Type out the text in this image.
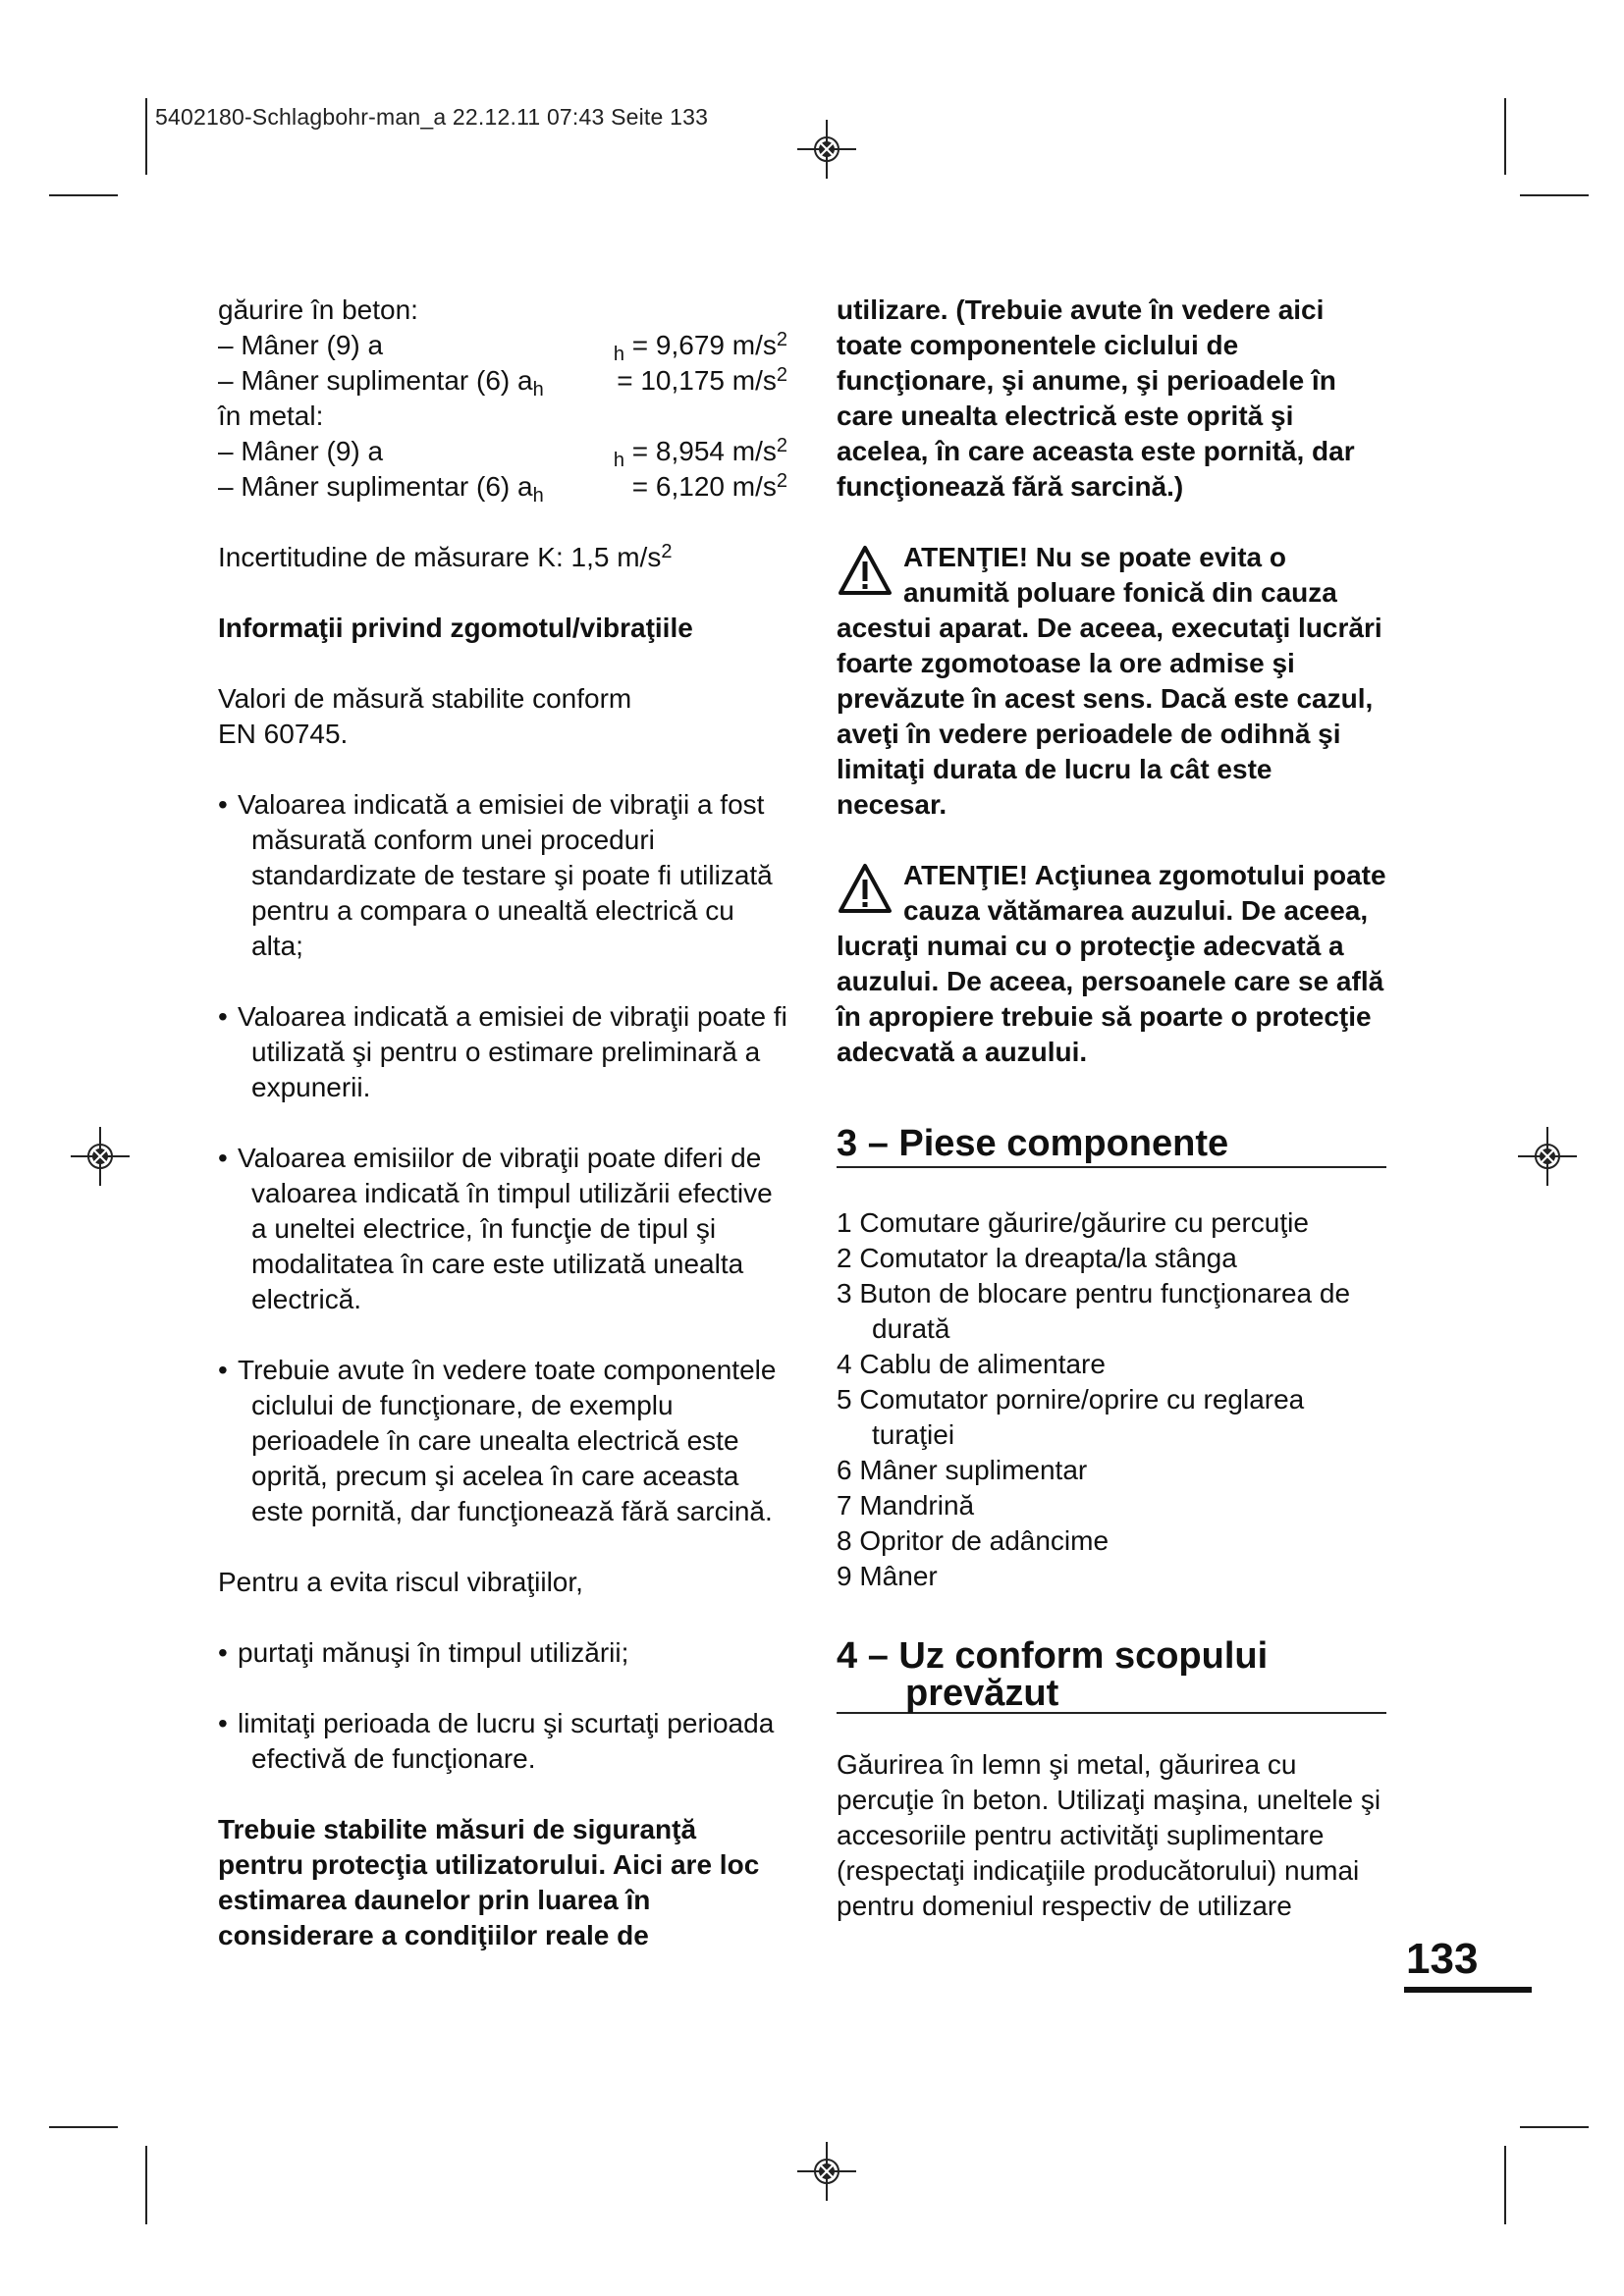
5402180-Schlagbohr-man_a 22.12.11 07:43 Seite 133
găurire în beton:
– Mâner (9) a	$_h$ = 9,679 $m/s^2$
– Mâner suplimentar (6) $a_h$	= 10,175 $m/s^2$
în metal:
– Mâner (9) a	$_h$ = 8,954 $m/s^2$
– Mâner suplimentar (6) $a_h$	= 6,120 $m/s^2$
Incertitudine de măsurare K: 1,5 $m/s^2$
Informaţii privind zgomotul/vibraţiile
Valori de măsură stabilite conform
EN 60745.
• Valoarea indicată a emisiei de vibraţii a fost măsurată conform unei proceduri standardizate de testare şi poate fi utilizată pentru a compara o unealtă electrică cu alta;
• Valoarea indicată a emisiei de vibraţii poate fi utilizată şi pentru o estimare preliminară a expunerii.
• Valoarea emisiilor de vibraţii poate diferi de valoarea indicată în timpul utilizării efective a uneltei electrice, în funcţie de tipul şi modalitatea în care este utilizată unealta electrică.
• Trebuie avute în vedere toate componentele ciclului de funcţionare, de exemplu perioadele în care unealta electrică este oprită, precum şi acelea în care aceasta este pornită, dar funcţionează fără sarcină.
Pentru a evita riscul vibraţiilor,
• purtaţi mănuşi în timpul utilizării;
• limitaţi perioada de lucru şi scurtaţi perioada efectivă de funcţionare.
Trebuie stabilite măsuri de siguranţă pentru protecţia utilizatorului. Aici are loc estimarea daunelor prin luarea în considerare a condiţiilor reale de
utilizare. (Trebuie avute în vedere aici toate componentele ciclului de funcţionare, şi anume, şi perioadele în care unealta electrică este oprită şi acelea, în care aceasta este pornită, dar funcţionează fără sarcină.)
ATENŢIE! Nu se poate evita o anumită poluare fonică din cauza acestui aparat. De aceea, executaţi lucrări foarte zgomotoase la ore admise şi prevăzute în acest sens. Dacă este cazul, aveţi în vedere perioadele de odihnă şi limitaţi durata de lucru la cât este necesar.
ATENŢIE! Acţiunea zgomotului poate cauza vătămarea auzului. De aceea, lucraţi numai cu o protecţie adecvată a auzului. De aceea, persoanele care se află în apropiere trebuie să poarte o protecţie adecvată a auzului.
3 – Piese componente
1 Comutare găurire/găurire cu percuţie
2 Comutator la dreapta/la stânga
3 Buton de blocare pentru funcţionarea de durată
4 Cablu de alimentare
5 Comutator pornire/oprire cu reglarea turaţiei
6 Mâner suplimentar
7 Mandrină
8 Opritor de adâncime
9 Mâner
4 – Uz conform scopului
prevăzut
Găurirea în lemn şi metal, găurirea cu percuţie în beton. Utilizaţi maşina, uneltele şi accesoriile pentru activităţi suplimentare (respectaţi indicaţiile producătorului) numai pentru domeniul respectiv de utilizare
133
